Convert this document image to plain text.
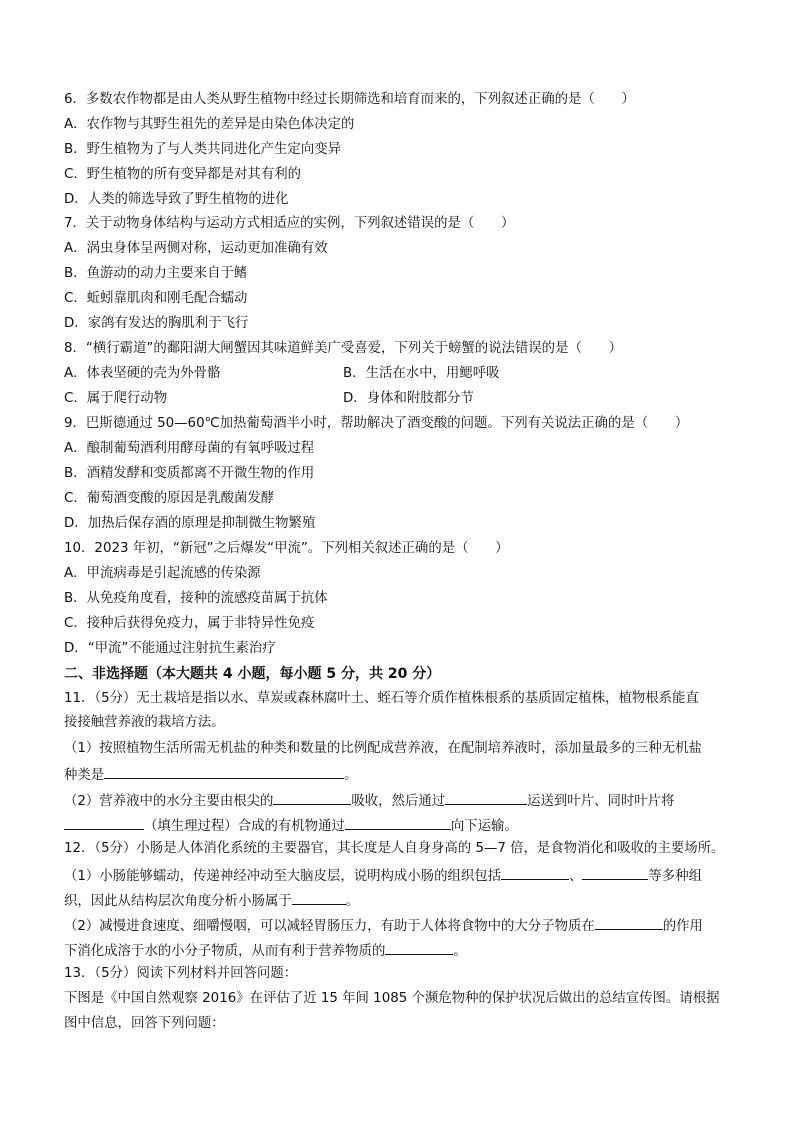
6．多数农作物都是由人类从野生植物中经过长期筛选和培育而来的，下列叙述正确的是（　　）
A．农作物与其野生祖先的差异是由染色体决定的
B．野生植物为了与人类共同进化产生定向变异
C．野生植物的所有变异都是对其有利的
D．人类的筛选导致了野生植物的进化
7．关于动物身体结构与运动方式相适应的实例，下列叙述错误的是（　　）
A．涡虫身体呈两侧对称，运动更加准确有效
B．鱼游动的动力主要来自于鳍
C．蚯蚓靠肌肉和刚毛配合蠕动
D．家鸽有发达的胸肌利于飞行
8．“横行霸道”的鄱阳湖大闸蟹因其味道鲜美广受喜爱，下列关于螃蟹的说法错误的是（　　）
A．体表坚硬的壳为外骨骼	B．生活在水中，用鳃呼吸
C．属于爬行动物	D．身体和附肢都分节
9．巴斯德通过 50—60℃加热葡萄酒半小时，帮助解决了酒变酸的问题。下列有关说法正确的是（　　）
A．酿制葡萄酒利用酵母菌的有氧呼吸过程
B．酒精发酵和变质都离不开微生物的作用
C．葡萄酒变酸的原因是乳酸菌发酵
D．加热后保存酒的原理是抑制微生物繁殖
10．2023 年初，“新冠”之后爆发“甲流”。下列相关叙述正确的是（　　）
A．甲流病毒是引起流感的传染源
B．从免疫角度看，接种的流感疫苗属于抗体
C．接种后获得免疫力，属于非特异性免疫
D．“甲流”不能通过注射抗生素治疗
二、非选择题（本大题共 4 小题，每小题 5 分，共 20 分）
11．（5分）无土栽培是指以水、草炭或森林腐叶土、蛭石等介质作植株根系的基质固定植株，植物根系能直
接接触营养液的栽培方法。
（1）按照植物生活所需无机盐的种类和数量的比例配成营养液，在配制培养液时，添加量最多的三种无机盐
种类是	。
（2）营养液中的水分主要由根尖的	吸收，然后通过	运送到叶片、同时叶片将
（填生理过程）合成的有机物通过	向下运输。
12．（5分）小肠是人体消化系统的主要器官，其长度是人自身身高的 5—7 倍，是食物消化和吸收的主要场所。
（1）小肠能够蠕动，传递神经冲动至大脑皮层，说明构成小肠的组织包括	、	等多种组
织，因此从结构层次角度分析小肠属于	。
（2）减慢进食速度、细嚼慢咽，可以减轻胃肠压力，有助于人体将食物中的大分子物质在	的作用
下消化成溶于水的小分子物质，从而有利于营养物质的	。
13．（5分）阅读下列材料并回答问题：
下图是《中国自然观察 2016》在评估了近 15 年间 1085 个濒危物种的保护状况后做出的总结宣传图。请根据
图中信息，回答下列问题：
